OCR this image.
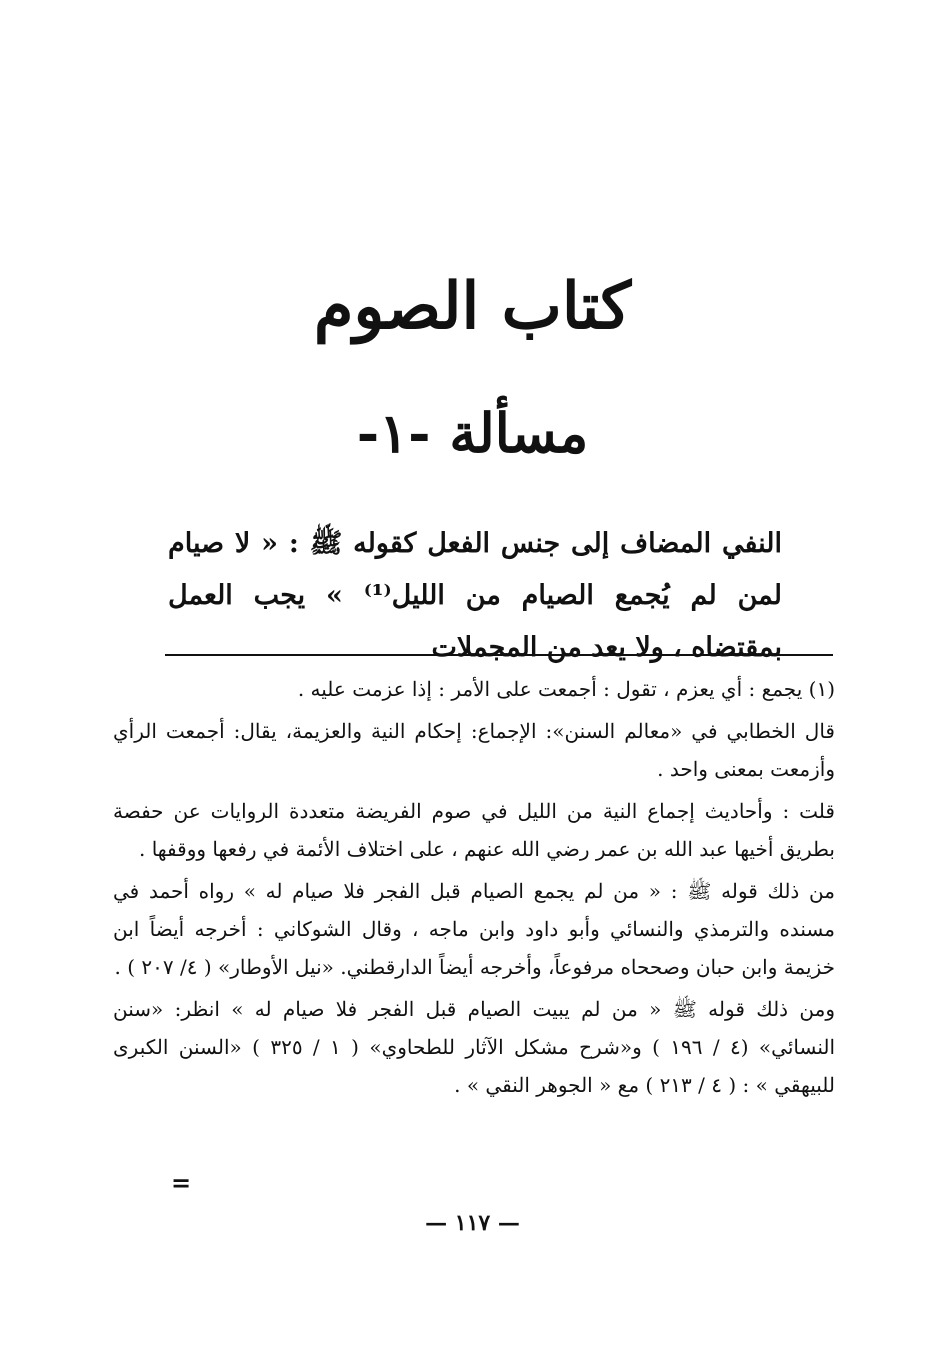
كتاب الصوم
مسألة -١-
النفي المضاف إلى جنس الفعل كقوله ﷺ : « لا صيام لمن لم يُجمع الصيام من الليل⁽¹⁾ » يجب العمل بمقتضاه ، ولا يعد من المجملات

(١) يجمع : أي يعزم ، تقول : أجمعت على الأمر : إذا عزمت عليه .

قال الخطابي في «معالم السنن»: الإجماع: إحكام النية والعزيمة، يقال: أجمعت الرأي وأزمعت بمعنى واحد .

قلت : وأحاديث إجماع النية من الليل في صوم الفريضة متعددة الروايات عن حفصة بطريق أخيها عبد الله بن عمر رضي الله عنهم ، على اختلاف الأئمة في رفعها ووقفها .

من ذلك قوله ﷺ : « من لم يجمع الصيام قبل الفجر فلا صيام له » رواه أحمد في مسنده والترمذي والنسائي وأبو داود وابن ماجه ، وقال الشوكاني : أخرجه أيضاً ابن خزيمة وابن حبان وصححاه مرفوعاً، وأخرجه أيضاً الدارقطني. «نيل الأوطار» ( ٤/ ٢٠٧ ) .

ومن ذلك قوله ﷺ « من لم يبيت الصيام قبل الفجر فلا صيام له » انظر: «سنن النسائي» (٤ / ١٩٦ ) و«شرح مشكل الآثار للطحاوي» ( ١ / ٣٢٥ ) «السنن الكبرى للبيهقي » : ( ٤ / ٢١٣ ) مع « الجوهر النقي » .

=
— ١١٧ —
